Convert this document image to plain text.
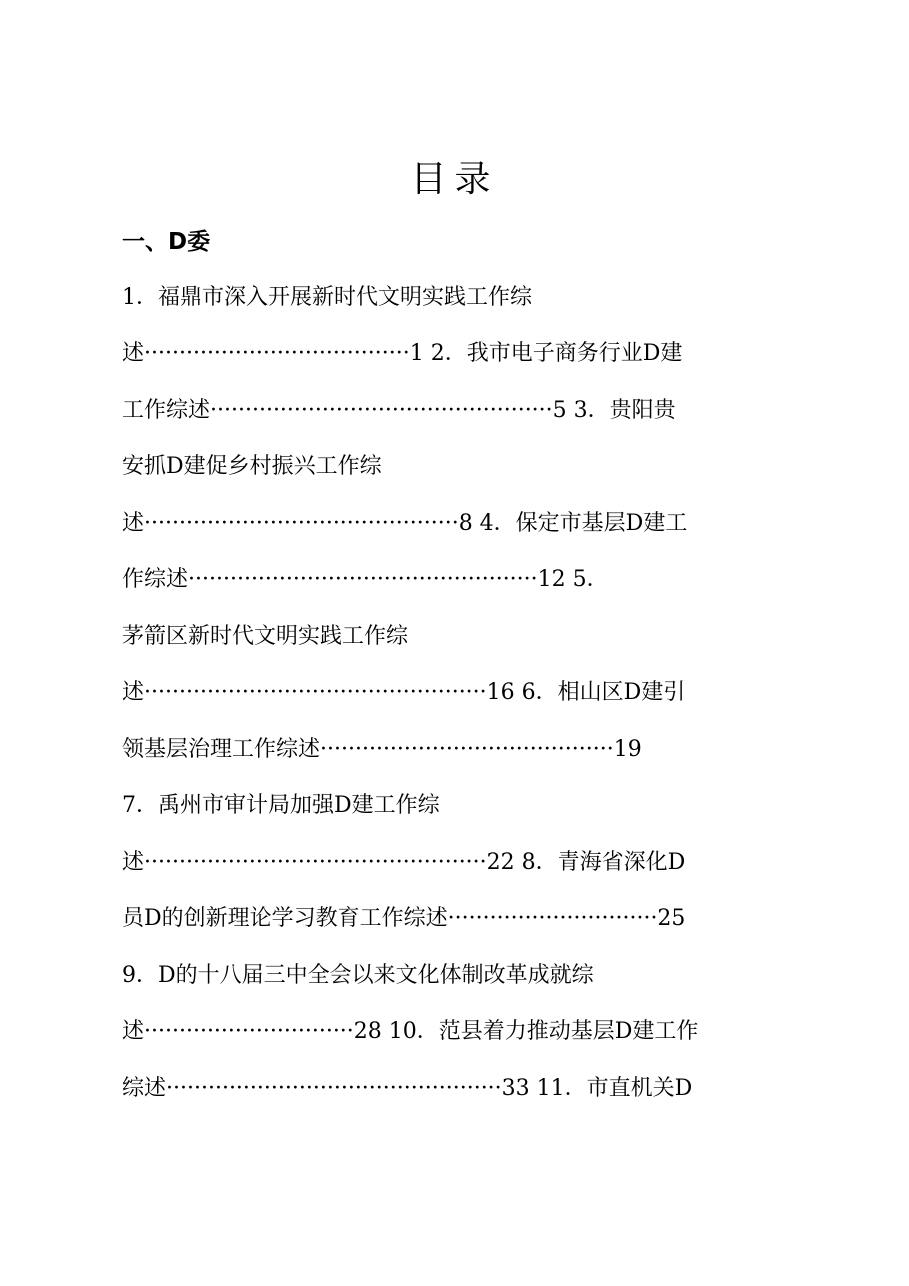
目录
一、D委
1．福鼎市深入开展新时代文明实践工作综
述······································1 2．我市电子商务行业D建
工作综述·················································5 3．贵阳贵
安抓D建促乡村振兴工作综
述·············································8 4．保定市基层D建工
作综述··················································12 5．
茅箭区新时代文明实践工作综
述·················································16 6．相山区D建引
领基层治理工作综述··········································19
7．禹州市审计局加强D建工作综
述·················································22 8．青海省深化D
员D的创新理论学习教育工作综述······························25
9．D的十八届三中全会以来文化体制改革成就综
述······························28 10．范县着力推动基层D建工作
综述················································33 11．市直机关D
